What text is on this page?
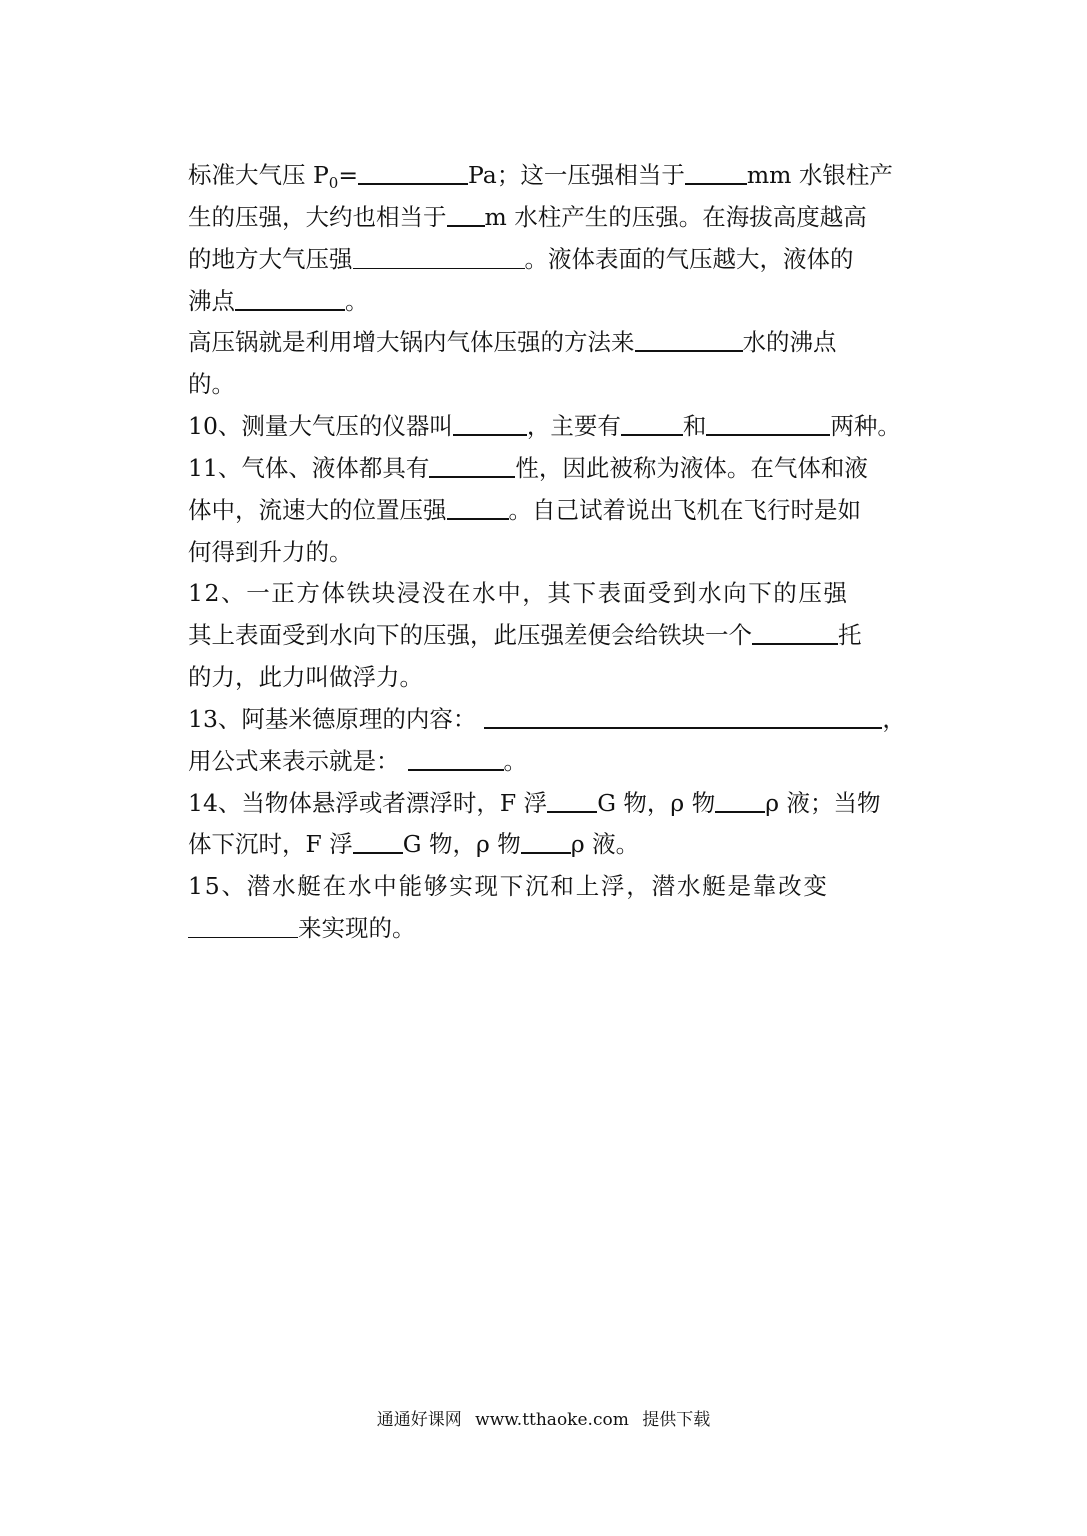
标准大气压 $P_0=$	Pa；这一压强相当于	mm 水银柱产
生的压强，大约也相当于 m 水柱产生的压强。在海拔高度越高
的地方大气压强	。液体表面的气压越大，液体的
沸点	。
高压锅就是利用增大锅内气体压强的方法来	水的沸点
的。
10、测量大气压的仪器叫	，主要有	和	两种。
11、气体、液体都具有	性，因此被称为液体。在气体和液
体中，流速大的位置压强	。自己试着说出飞机在飞行时是如
何得到升力的。
12、一正方体铁块浸没在水中，其下表面受到水向下的压强
其上表面受到水向下的压强，此压强差便会给铁块一个	托
的力，此力叫做浮力。
13、阿基米德原理的内容：	，
用公式来表示就是：	。
14、当物体悬浮或者漂浮时，F 浮 G 物，ρ 物 ρ 液；当物
体下沉时，F 浮 G 物，ρ 物 ρ 液。
15、潜水艇在水中能够实现下沉和上浮，潜水艇是靠改变
来实现的。
通通好课网 www.tthaoke.com 提供下载
